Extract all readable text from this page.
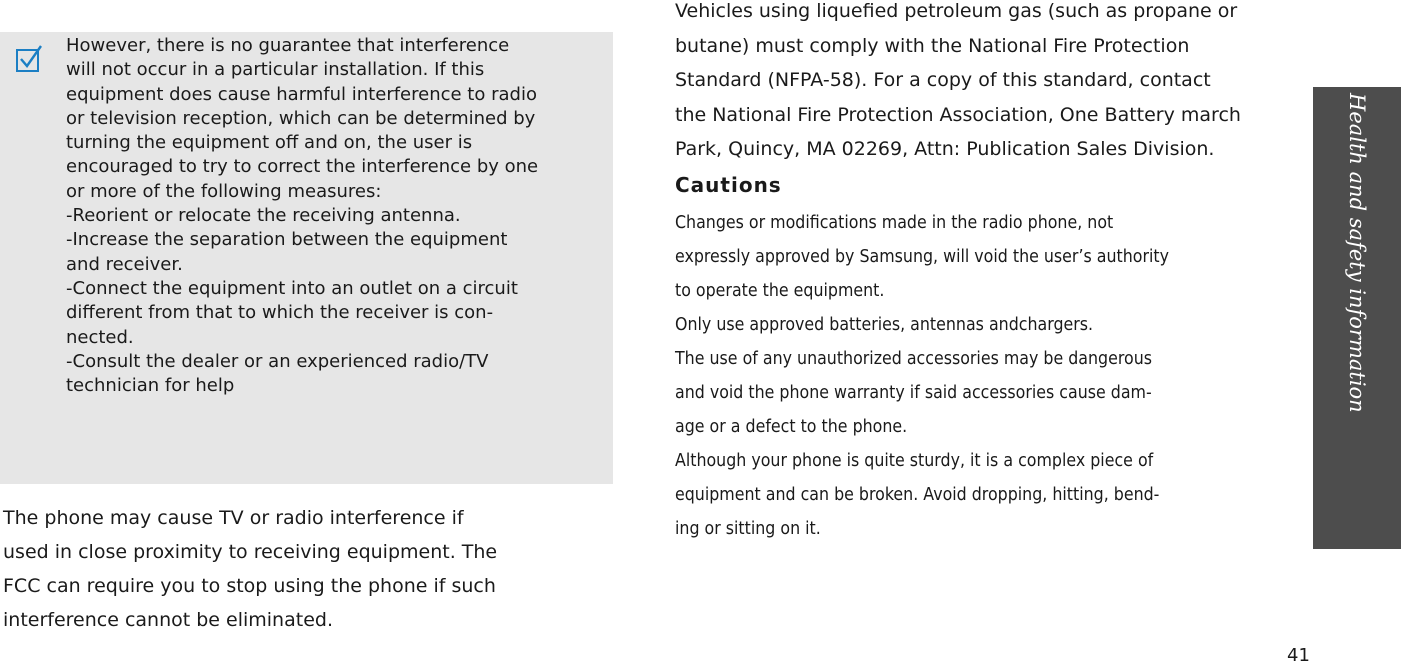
However, there is no guarantee that interference
will not occur in a particular installation. If this
equipment does cause harmful interference to radio
or television reception, which can be determined by
turning the equipment off and on, the user is
encouraged to try to correct the interference by one
or more of the following measures:
-Reorient or relocate the receiving antenna.
-Increase the separation between the equipment
and receiver.
-Connect the equipment into an outlet on a circuit
different from that to which the receiver is con-
nected.
-Consult the dealer or an experienced radio/TV
technician for help
The phone may cause TV or radio interference if
used in close proximity to receiving equipment. The
FCC can require you to stop using the phone if such
interference cannot be eliminated.
Vehicles using liquefied petroleum gas (such as propane or
butane) must comply with the National Fire Protection
Standard (NFPA-58). For a copy of this standard, contact
the National Fire Protection Association, One Battery march
Park, Quincy, MA 02269, Attn: Publication Sales Division.
Cautions
Changes or modifications made in the radio phone, not
expressly approved by Samsung, will void the user’s authority
to operate the equipment.
Only use approved batteries, antennas andchargers.
The use of any unauthorized accessories may be dangerous
and void the phone warranty if said accessories cause dam-
age or a defect to the phone.
Although your phone is quite sturdy, it is a complex piece of
equipment and can be broken. Avoid dropping, hitting, bend-
ing or sitting on it.
Health and safety information
41
